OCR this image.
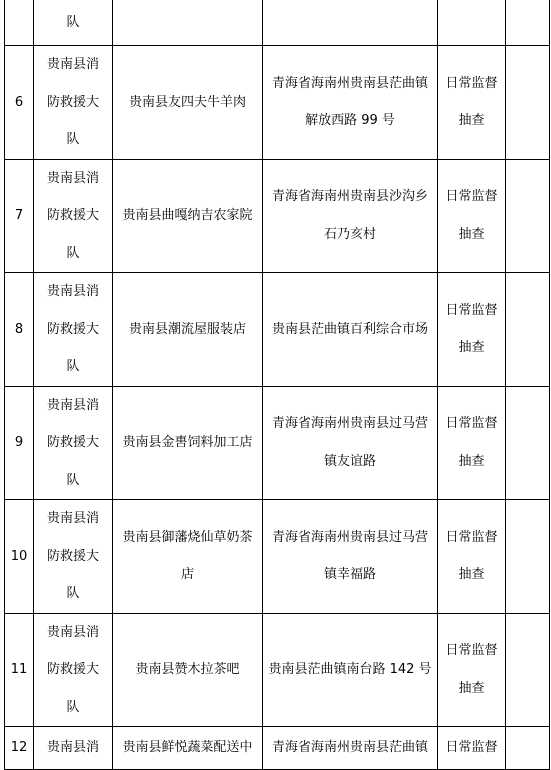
	队				
6	贵南县消
防救援大
队	贵南县友四夫牛羊肉	青海省海南州贵南县茫曲镇
解放西路 99 号	日常监督
抽查	

7	贵南县消
防救援大
队	贵南县曲嘎纳吉农家院	青海省海南州贵南县沙沟乡
石乃亥村	日常监督
抽查	

8	贵南县消
防救援大
队	贵南县潮流屋服装店	贵南县茫曲镇百利综合市场	日常监督
抽查	

9	贵南县消
防救援大
队	贵南县金軎饲料加工店	青海省海南州贵南县过马营
镇友谊路	日常监督
抽查	

10	贵南县消
防救援大
队	贵南县御藩烧仙草奶茶
店	青海省海南州贵南县过马营
镇幸福路	日常监督
抽查	

11	贵南县消
防救援大
队	贵南县赞木拉茶吧	贵南县茫曲镇南台路 142 号	日常监督
抽查	

12	贵南县消	贵南县鲜悦蔬菜配送中	青海省海南州贵南县茫曲镇	日常监督	
